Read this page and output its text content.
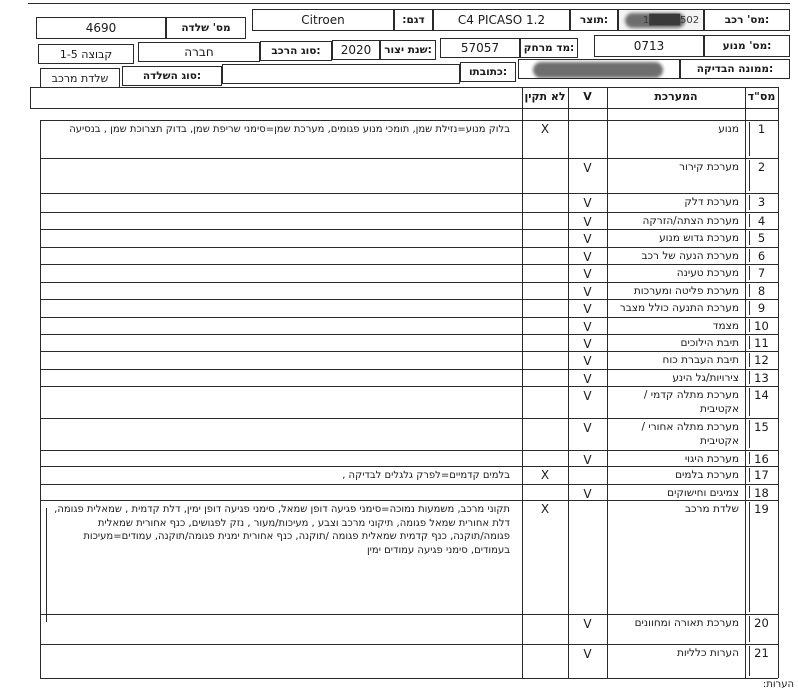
מס' רכב:
1████502
תוצר:
C4 PICASO 1.2
:דגם
Citroen
מס' שלדה
4690
מס' מנוע:
0713
מד מרחק:
57057
שנת יצור:
2020
סוג הרכב:
חברה
קבוצה 1-5
ממונה הבדיקה:
כתובתו:
סוג השלדה:
שלדת מרכב
מס"ד
המערכת
V
לא תקין
1
מנוע
X
בלוק מנוע=נזילת שמן, תומכי מנוע פגומים, מערכת שמן=סימני שריפת שמן, בדוק תצרוכת שמן , בנסיעה
2
מערכת קירור
V
3
מערכת דלק
V
4
מערכת הצתה/הזרקה
V
5
מערכת גדוש מנוע
V
6
מערכת הנעה של רכב
V
7
מערכת טעינה
V
8
מערכת פליטה ומערכות
V
9
מערכת התנעה כולל מצבר
V
10
מצמד
V
11
תיבת הילוכים
V
12
תיבת העברת כוח
V
13
צירויות/גל הינע
V
14
מערכת מתלה קדמי / אקטיבית
V
15
מערכת מתלה אחורי / אקטיבית
V
16
מערכת היגוי
V
17
מערכת בלמים
X
בלמים קדמיים=לפרק גלגלים לבדיקה ,
18
צמיגים וחישוקים
V
19
שלדת מרכב
X
תקוני מרכב, משמעות נמוכה=סימני פגיעה דופן שמאל, סימני פגיעה דופן ימין, דלת קדמית , שמאלית פגומה, דלת אחורית שמאל פגומה, תיקוני מרכב וצבע , מעיכות/מעור , נזק לפגושים, כנף אחורית שמאלית פגומה/תוקנה, כנף קדמית שמאלית פגומה /תוקנה, כנף אחורית ימנית פגומה/תוקנה, עמודים=מעיכות בעמודים, סימני פגיעה עמודים ימין
20
מערכת תאורה ומחוונים
V
21
הערות כלליות
V
הערות:
